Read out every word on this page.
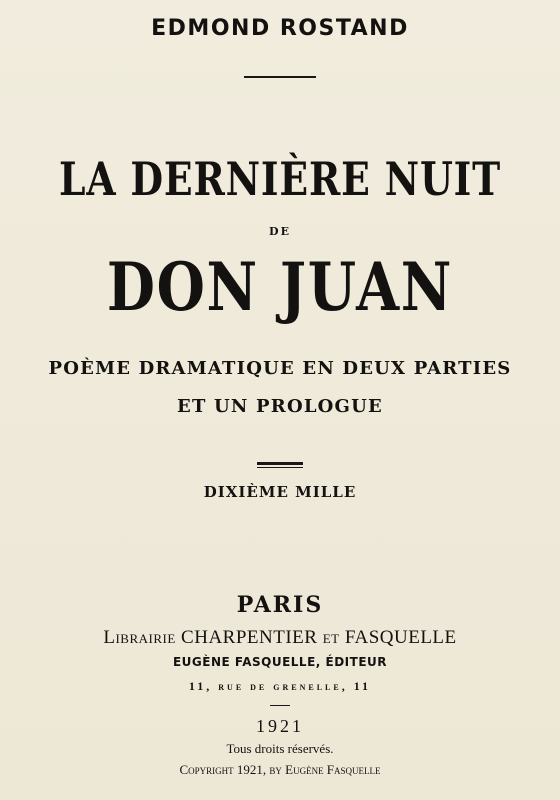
EDMOND ROSTAND
LA DERNIÈRE NUIT
DE
DON JUAN
POÈME DRAMATIQUE EN DEUX PARTIES
ET UN PROLOGUE
DIXIÈME MILLE
PARIS
Librairie CHARPENTIER et FASQUELLE
EUGÈNE FASQUELLE, ÉDITEUR
11, rue de grenelle, 11
1921
Tous droits réservés.
Copyright 1921, by Eugène Fasquelle
